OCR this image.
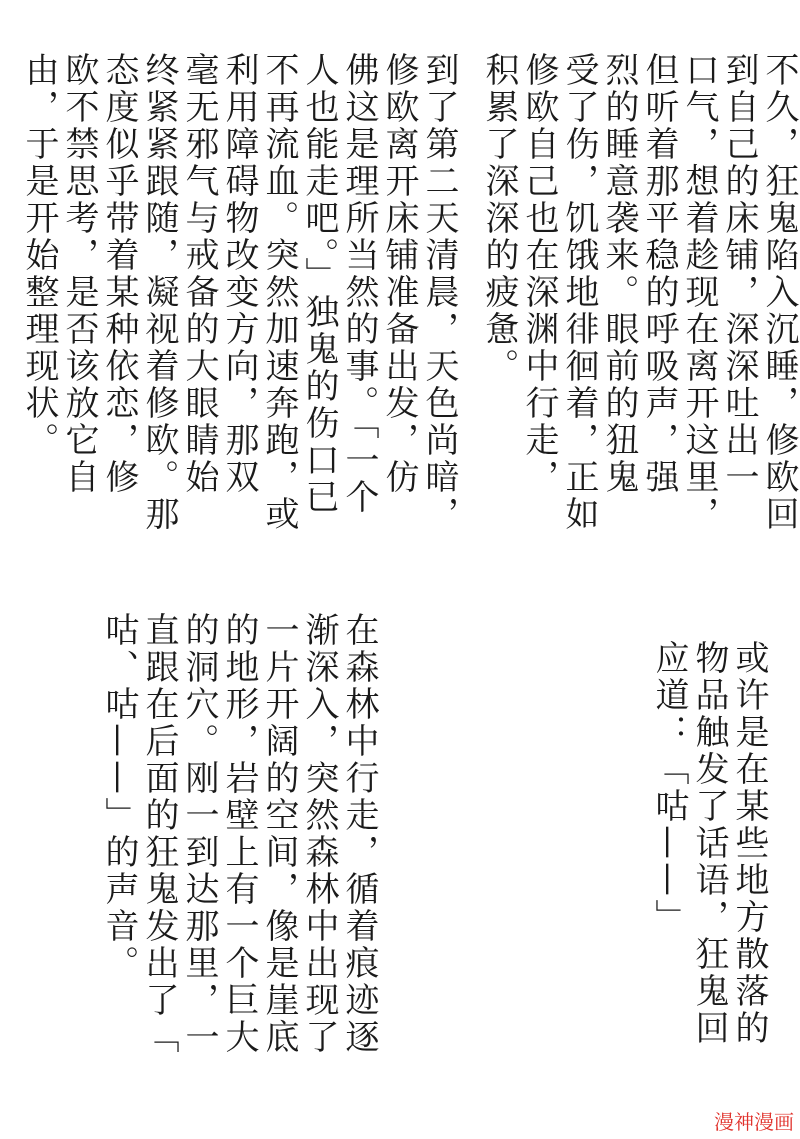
不久，狂鬼陷入沉睡，修欧回
到自己的床铺，深深吐出一
口气，想着趁现在离开这里，
但听着那平稳的呼吸声，强
烈的睡意袭来。眼前的狃鬼
受了伤，饥饿地徘徊着，正如
修欧自己也在深渊中行走，
积累了深深的疲惫。
到了第二天清晨，天色尚暗，
修欧离开床铺准备出发，仿
佛这是理所当然的事。「一个
人也能走吧。」独鬼的伤口已
不再流血。突然加速奔跑，或
利用障碍物改变方向，那双
毫无邪气与戒备的大眼睛始
终紧紧跟随，凝视着修欧。那
态度似乎带着某种依恋，修
欧不禁思考，是否该放它自
由，于是开始整理现状。
或许是在某些地方散落的
物品触发了话语，狂鬼回
应道：「咕——」
在森林中行走，循着痕迹逐
渐深入，突然森林中出现了
一片开阔的空间，像是崖底
的地形，岩壁上有一个巨大
的洞穴。刚一到达那里，一
直跟在后面的狂鬼发出了「
咕、咕——」的声音。
漫神漫画
